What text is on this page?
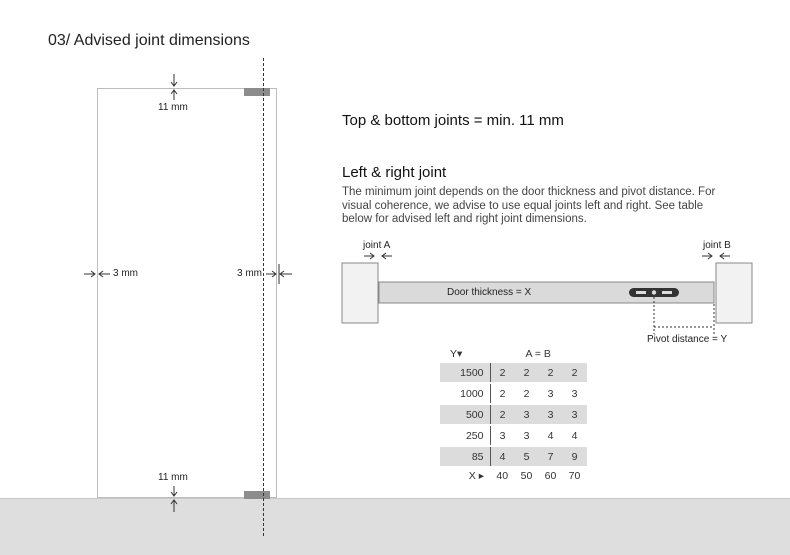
03/ Advised joint dimensions
11 mm
11 mm
3 mm	3 mm
Top & bottom joints = min. 11 mm
Left & right joint
The minimum joint depends on the door thickness and pivot distance. For visual coherence, we advise to use equal joints left and right. See table below for advised left and right joint dimensions.
joint A	joint B
Door thickness = X
Pivot distance = Y
Y▾	A = B			
1500	2	2	2	2

1000	2	2	3	3

500	2	3	3	3

250	3	3	4	4

85	4	5	7	9
X ▸	40	50	60	70
